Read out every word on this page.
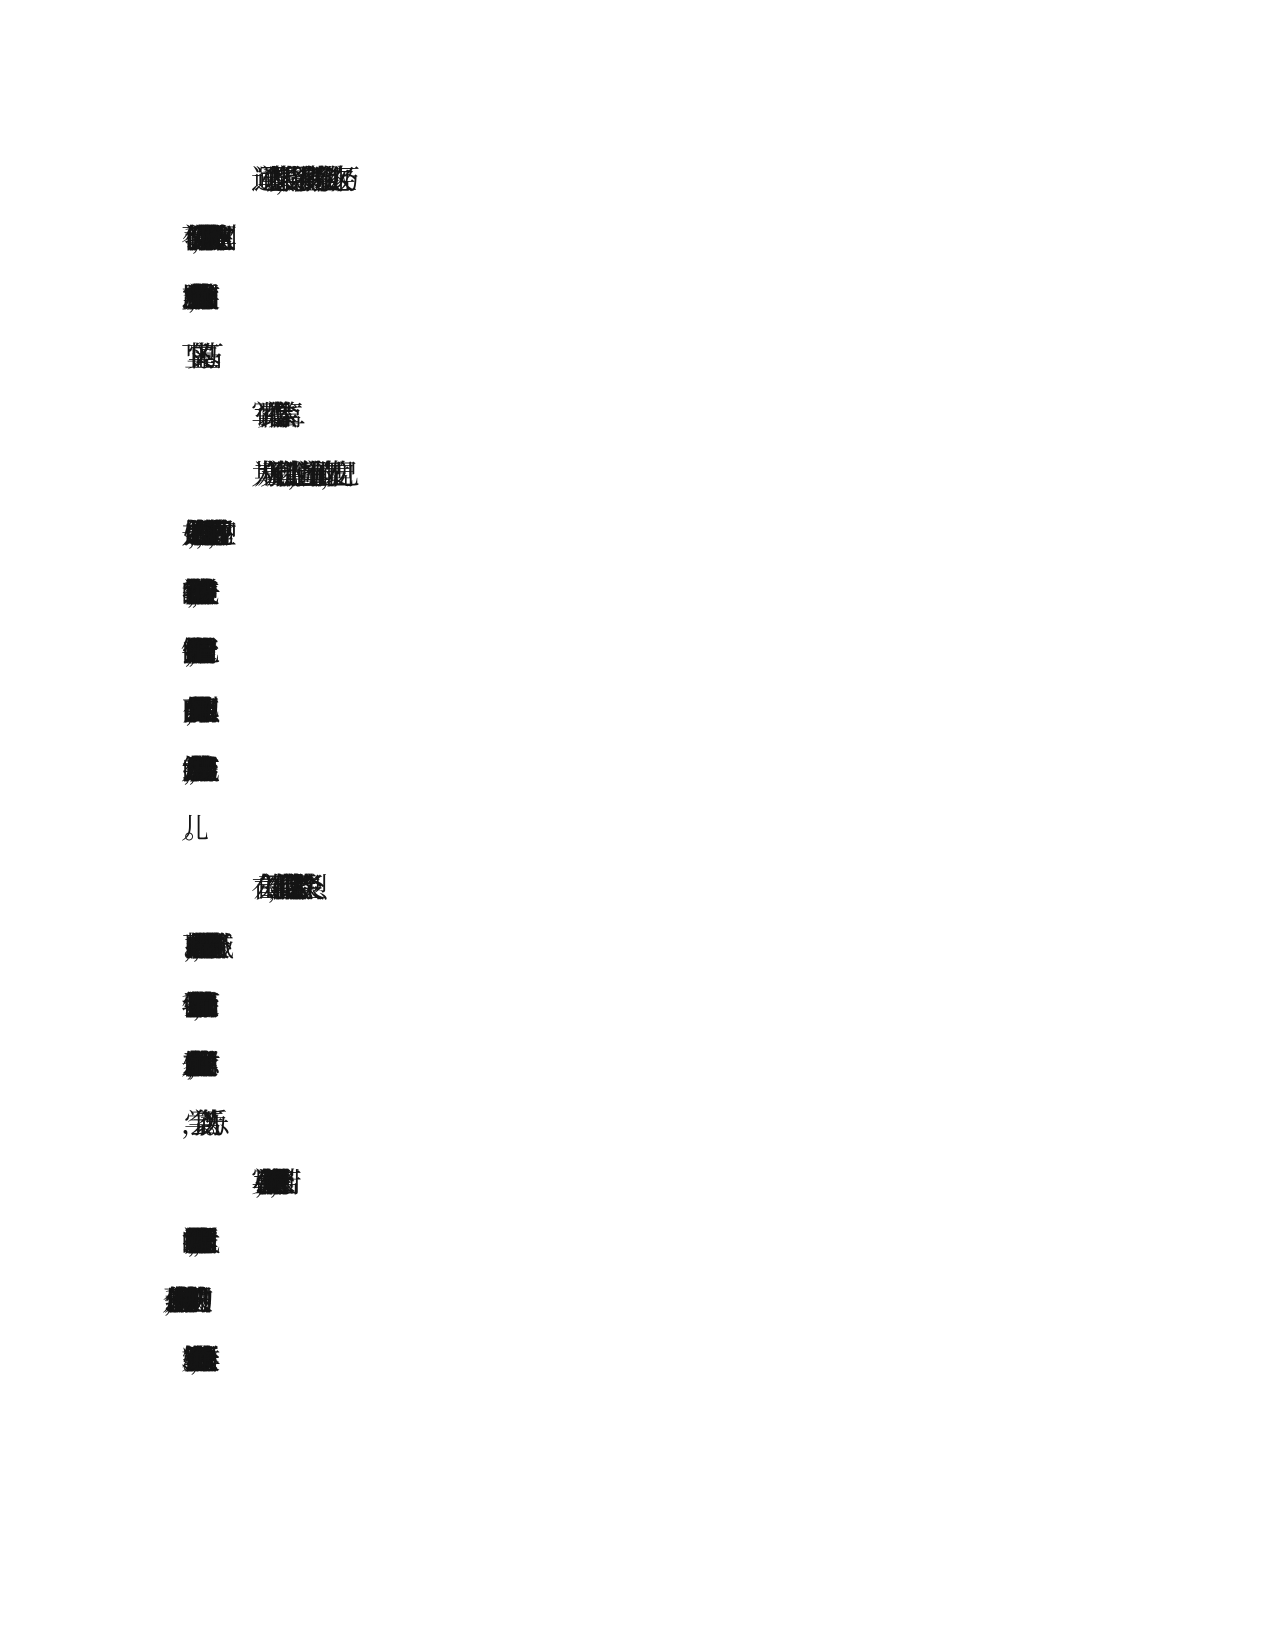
通过军训志愿实践，我得到了很多宝贵的经验和教训。这次经历
不仅让我体验到了艰苦，也让我收获了成长的喜悦。我相信这次军训
志愿实践会成为我人生中重要的一课，它将为我未来的成长和发展铺
下坚实的基石。
军训实践心得体会篇二
为期六天的军训已悄然走过，回首遥望军训前的自己，发现自己
是如此的脆弱，经不起风的摇曳，受不了雨的洒落。而现在，温室中
的我们经过了军训的千锤百炼，已然褪去了稚嫩的外表，蜕变成铮铮
铁骨的热血男儿，经得起寒风的怒号，受得住冰雨的击打。看着自己
由内而外产生的变化，看着自己一步一个脚印踏踏实实从军训的起点
走向终点，见证了这几天的付出和收获，也见证了自己从男孩变成男
儿。
在六天的军训中，我们学会了什么?我们学会了坚持。在炎炎烈
日下，执着的做着俯卧撑，就算身体再酸再痛也咬着牙不喊“报告”。
我们学会了自强不息。不再甘愿做温室里被父母呵护的娇弱花朵，而
是立志做泰山顶上的青松，傲然屹立，无惧风雨。我们也学会了忍耐
，学会了以苦为乐。
军训生活虽然单调乏味，“折磨”身心，但正是这令行禁止、刻苦
的训练才能正真的强健我们的体魄，锤炼我们的意志。军训之后，我
、如精钢。军训是青春岁月里一道靓丽的风景线，是青葱画卷里最鲜
